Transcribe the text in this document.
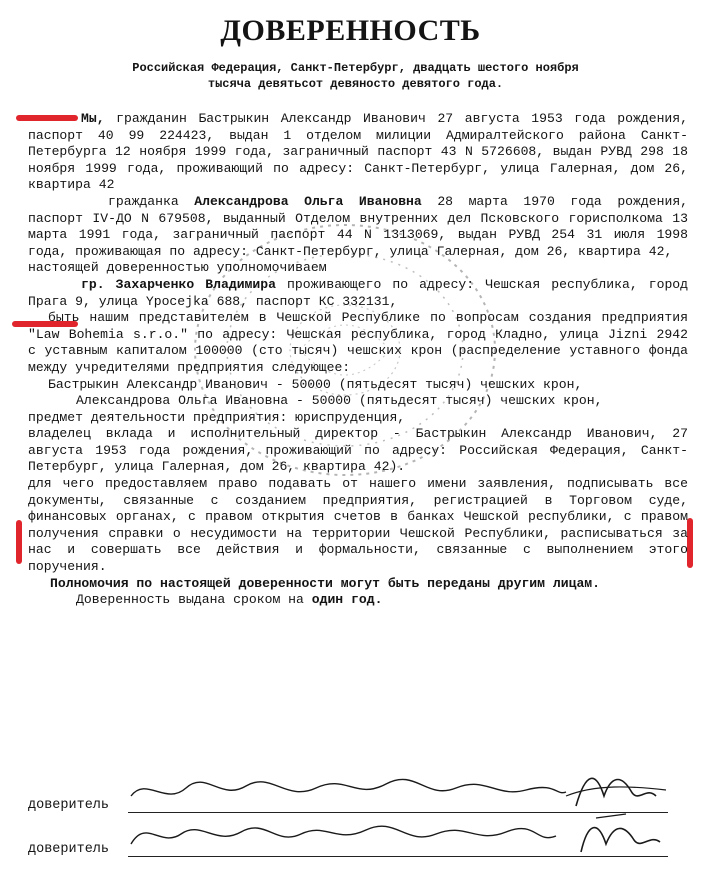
ДОВЕРЕННОСТЬ
Российская Федерация, Санкт-Петербург, двадцать шестого ноября
тысяча девятьсот девяносто девятого года.

Мы, гражданин Бастрыкин Александр Иванович 27 августа 1953 года рождения, паспорт 40 99 224423, выдан 1 отделом милиции Адмиралтейского района Санкт-Петербурга 12 ноября 1999 года, заграничный паспорт 43 N 5726608, выдан РУВД 298 18 ноября 1999 года, проживающий по адресу: Санкт-Петербург, улица Галерная, дом 26, квартира 42

гражданка Александрова Ольга Ивановна 28 марта 1970 года рождения, паспорт IV-ДО N 679508, выданный Отделом внутренних дел Псковского горисполкома 13 марта 1991 года, заграничный паспорт 44 N 1313069, выдан РУВД 254 31 июля 1998 года, проживающая по адресу: Санкт-Петербург, улица Галерная, дом 26, квартира 42,

настоящей доверенностью уполномочиваем

гр. Захарченко Владимира проживающего по адресу: Чешская республика, город Прага 9, улица Ypocejka 688, паспорт КС 332131,

быть нашим представителем в Чешской Республике по вопросам создания предприятия "Law Bohemia s.r.o." по адресу: Чешская республика, город Кладно, улица Jizni 2942 с уставным капиталом 100000 (сто тысяч) чешских крон (распределение уставного фонда между учредителями предприятия следующее:

Бастрыкин Александр Иванович - 50000 (пятьдесят тысяч) чешских крон,

Александрова Ольга Ивановна - 50000 (пятьдесят тысяч) чешских крон,

предмет деятельности предприятия: юриспруденция,

владелец вклада и исполнительный директор - Бастрыкин Александр Иванович, 27 августа 1953 года рождения, проживающий по адресу: Российская Федерация, Санкт-Петербург, улица Галерная, дом 26, квартира 42).

для чего предоставляем право подавать от нашего имени заявления, подписывать все документы, связанные с созданием предприятия, регистрацией в Торговом суде, финансовых органах, с правом открытия счетов в банках Чешской республики, с правом получения справки о несудимости на территории Чешской Республики, расписываться за нас и совершать все действия и формальности, связанные с выполнением этого поручения.

Полномочия по настоящей доверенности могут быть переданы другим лицам.

Доверенность выдана сроком на один год.

доверитель
доверитель
